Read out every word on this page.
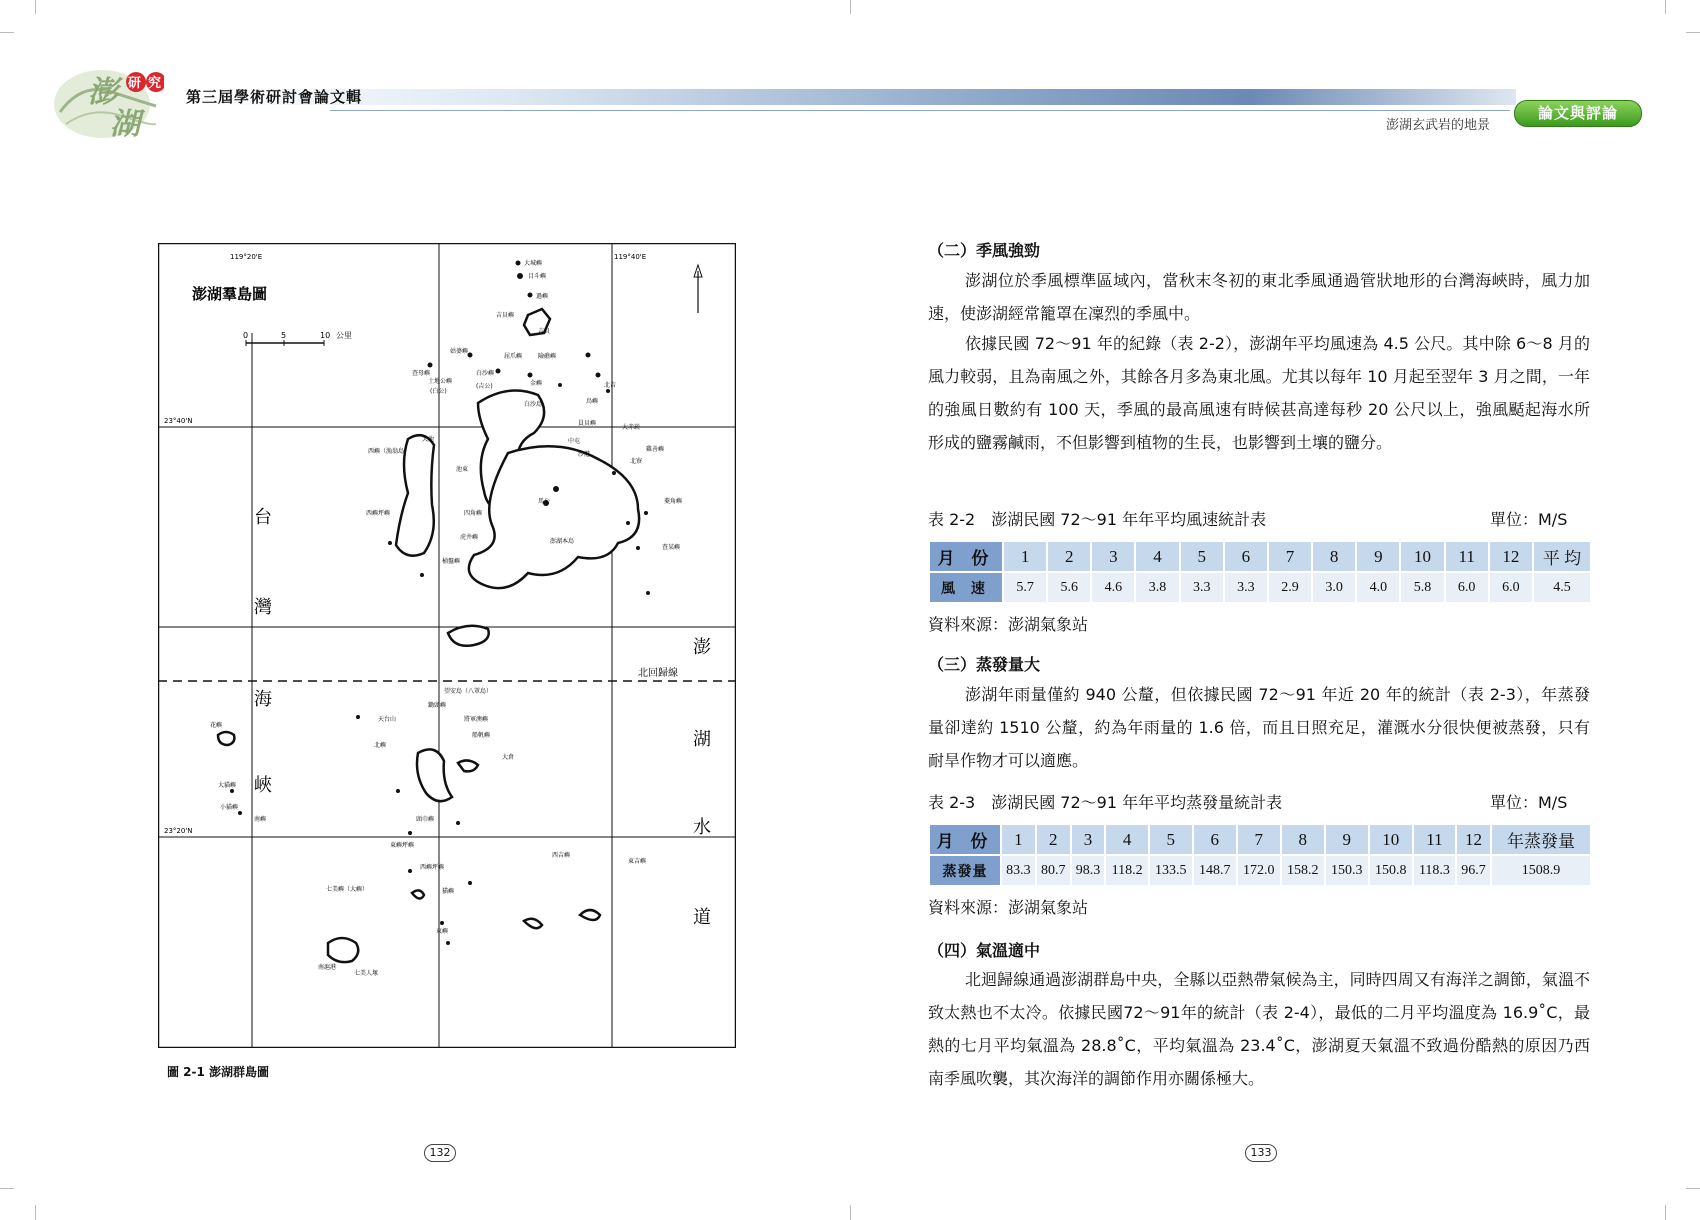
澎
湖
研 究
第三屆學術研討會論文輯
澎湖玄武岩的地景
論文與評論
澎湖羣島圖
0	5	10 公里
119°20'E	119°40'E
23°40'N
23°20'N
北回歸線
台
灣
海
峽
澎
湖
水
道
大城嶼
目斗嶼
過嶼
吉貝嶼
吉貝
姑婆嶼
屈爪嶼	險礁嶼
查母嶼
土地公嶼
白沙嶼
金嶼
(白公)
(吉公)
鳥嶼
員貝嶼
白沙島
中屯
沙港
北寮
雞善嶼
西嶼（漁翁島）
池東
大池
馬公
澎湖本島
四角嶼
虎井嶼
桶盤嶼
西嶼坪嶼
查某嶼
菱角嶼
望安島（八罩島）
將軍澳嶼
天台山
鋤頭嶼
東吉嶼
西吉嶼
七美嶼（大嶼）
花嶼
大貓嶼
小貓嶼
南嶼	頭巾嶼
東嶼坪嶼
西嶼坪嶼
猫嶼
北嶼
東嶼
七美人塚
南滬港
船帆嶼
大倉
北吉
大赤崁
圖 2-1 澎湖群島圖
132	133
（二）季風強勁
澎湖位於季風標準區域內，當秋末冬初的東北季風通過管狀地形的台灣海峽時，風力加速，使澎湖經常籠罩在凜烈的季風中。
依據民國 72～91 年的紀錄（表 2-2），澎湖年平均風速為 4.5 公尺。其中除 6～8 月的風力較弱，且為南風之外，其餘各月多為東北風。尤其以每年 10 月起至翌年 3 月之間，一年的強風日數約有 100 天，季風的最高風速有時候甚高達每秒 20 公尺以上，強風颳起海水所形成的鹽霧鹹雨，不但影響到植物的生長，也影響到土壤的鹽分。
表 2-2　澎湖民國 72～91 年年平均風速統計表	單位：M/S
月 份	1	2	3	4	5	6	7	8	9	10	11	12	平 均
風 速	5.7	5.6	4.6	3.8	3.3	3.3	2.9	3.0	4.0	5.8	6.0	6.0	4.5
資料來源：澎湖氣象站
（三）蒸發量大
澎湖年雨量僅約 940 公釐，但依據民國 72～91 年近 20 年的統計（表 2-3），年蒸發量卻達約 1510 公釐，約為年雨量的 1.6 倍，而且日照充足，灌溉水分很快便被蒸發，只有耐旱作物才可以適應。
表 2-3　澎湖民國 72～91 年年平均蒸發量統計表	單位：M/S
月 份	1	2	3	4	5	6	7	8	9	10	11	12	年蒸發量
蒸發量	83.3	80.7	98.3	118.2	133.5	148.7	172.0	158.2	150.3	150.8	118.3	96.7	1508.9
資料來源：澎湖氣象站
（四）氣溫適中
北迴歸線通過澎湖群島中央，全縣以亞熱帶氣候為主，同時四周又有海洋之調節，氣溫不致太熱也不太冷。依據民國72～91年的統計（表 2-4），最低的二月平均溫度為 16.9˚C，最熱的七月平均氣溫為 28.8˚C，平均氣溫為 23.4˚C，澎湖夏天氣溫不致過份酷熱的原因乃西南季風吹襲，其次海洋的調節作用亦關係極大。
